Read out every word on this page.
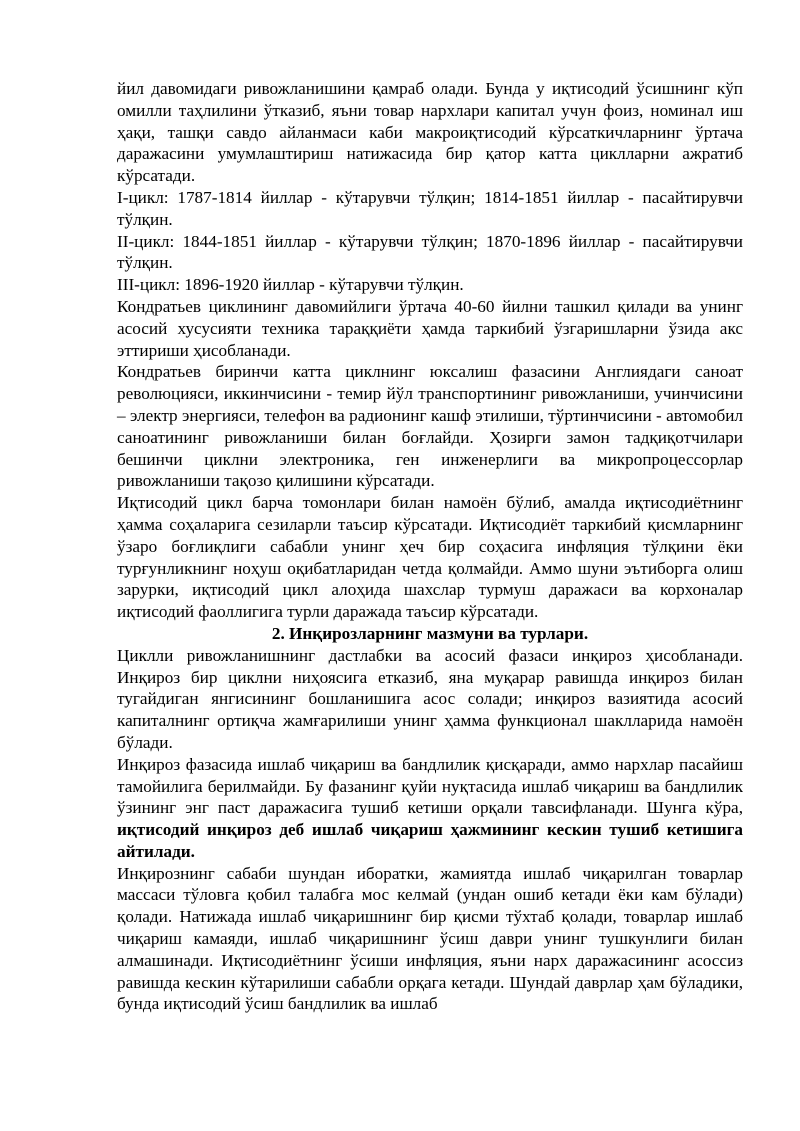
йил давомидаги ривожланишини қамраб олади. Бунда у иқтисодий ўсишнинг кўп омилли таҳлилини ўтказиб, яъни товар нархлари капитал учун фоиз, номинал иш ҳақи, ташқи савдо айланмаси каби макроиқтисодий кўрсаткичларнинг ўртача даражасини умумлаштириш натижасида бир қатор катта циклларни ажратиб кўрсатади.

I-цикл: 1787-1814 йиллар - кўтарувчи тўлқин; 1814-1851 йиллар - пасайтирувчи тўлқин.

II-цикл: 1844-1851 йиллар - кўтарувчи тўлқин; 1870-1896 йиллар - пасайтирувчи тўлқин.

III-цикл: 1896-1920 йиллар - кўтарувчи тўлқин.

Кондратьев циклининг давомийлиги ўртача 40-60 йилни ташкил қилади ва унинг асосий хусусияти техника тараққиёти ҳамда таркибий ўзгаришларни ўзида акс эттириши ҳисобланади.

Кондратьев биринчи катта циклнинг юксалиш фазасини Англиядаги саноат революцияси, иккинчисини - темир йўл транспортининг ривожланиши, учинчисини – электр энергияси, телефон ва радионинг кашф этилиши, тўртинчисини - автомобил саноатининг ривожланиши билан боғлайди. Ҳозирги замон тадқиқотчилари бешинчи циклни электроника, ген инженерлиги ва микропроцессорлар ривожланиши тақозо қилишини кўрсатади.

Иқтисодий цикл барча томонлари билан намоён бўлиб, амалда иқтисодиётнинг ҳамма соҳаларига сезиларли таъсир кўрсатади. Иқтисодиёт таркибий қисмларнинг ўзаро боғлиқлиги сабабли унинг ҳеч бир соҳасига инфляция тўлқини ёки турғунликнинг ноҳуш оқибатларидан четда қолмайди. Аммо шуни эътиборга олиш зарурки, иқтисодий цикл алоҳида шахслар турмуш даражаси ва корхоналар иқтисодий фаоллигига турли даражада таъсир кўрсатади.

2. Инқирозларнинг мазмуни ва турлари.

Циклли ривожланишнинг дастлабки ва асосий фазаси инқироз ҳисобланади. Инқироз бир циклни ниҳоясига етказиб, яна муқарар равишда инқироз билан тугайдиган янгисининг бошланишига асос солади; инқироз вазиятида асосий капиталнинг ортиқча жамғарилиши унинг ҳамма функционал шаклларида намоён бўлади.

Инқироз фазасида ишлаб чиқариш ва бандлилик қисқаради, аммо нархлар пасайиш тамойилига берилмайди. Бу фазанинг қуйи нуқтасида ишлаб чиқариш ва бандлилик ўзининг энг паст даражасига тушиб кетиши орқали тавсифланади. Шунга кўра, иқтисодий инқироз деб ишлаб чиқариш ҳажмининг кескин тушиб кетишига айтилади.

Инқирознинг сабаби шундан иборатки, жамиятда ишлаб чиқарилган товарлар массаси тўловга қобил талабга мос келмай (ундан ошиб кетади ёки кам бўлади) қолади. Натижада ишлаб чиқаришнинг бир қисми тўхтаб қолади, товарлар ишлаб чиқариш камаяди, ишлаб чиқаришнинг ўсиш даври унинг тушкунлиги билан алмашинади. Иқтисодиётнинг ўсиши инфляция, яъни нарх даражасининг асоссиз равишда кескин кўтарилиши сабабли орқага кетади. Шундай даврлар ҳам бўладики, бунда иқтисодий ўсиш бандлилик ва ишлаб
